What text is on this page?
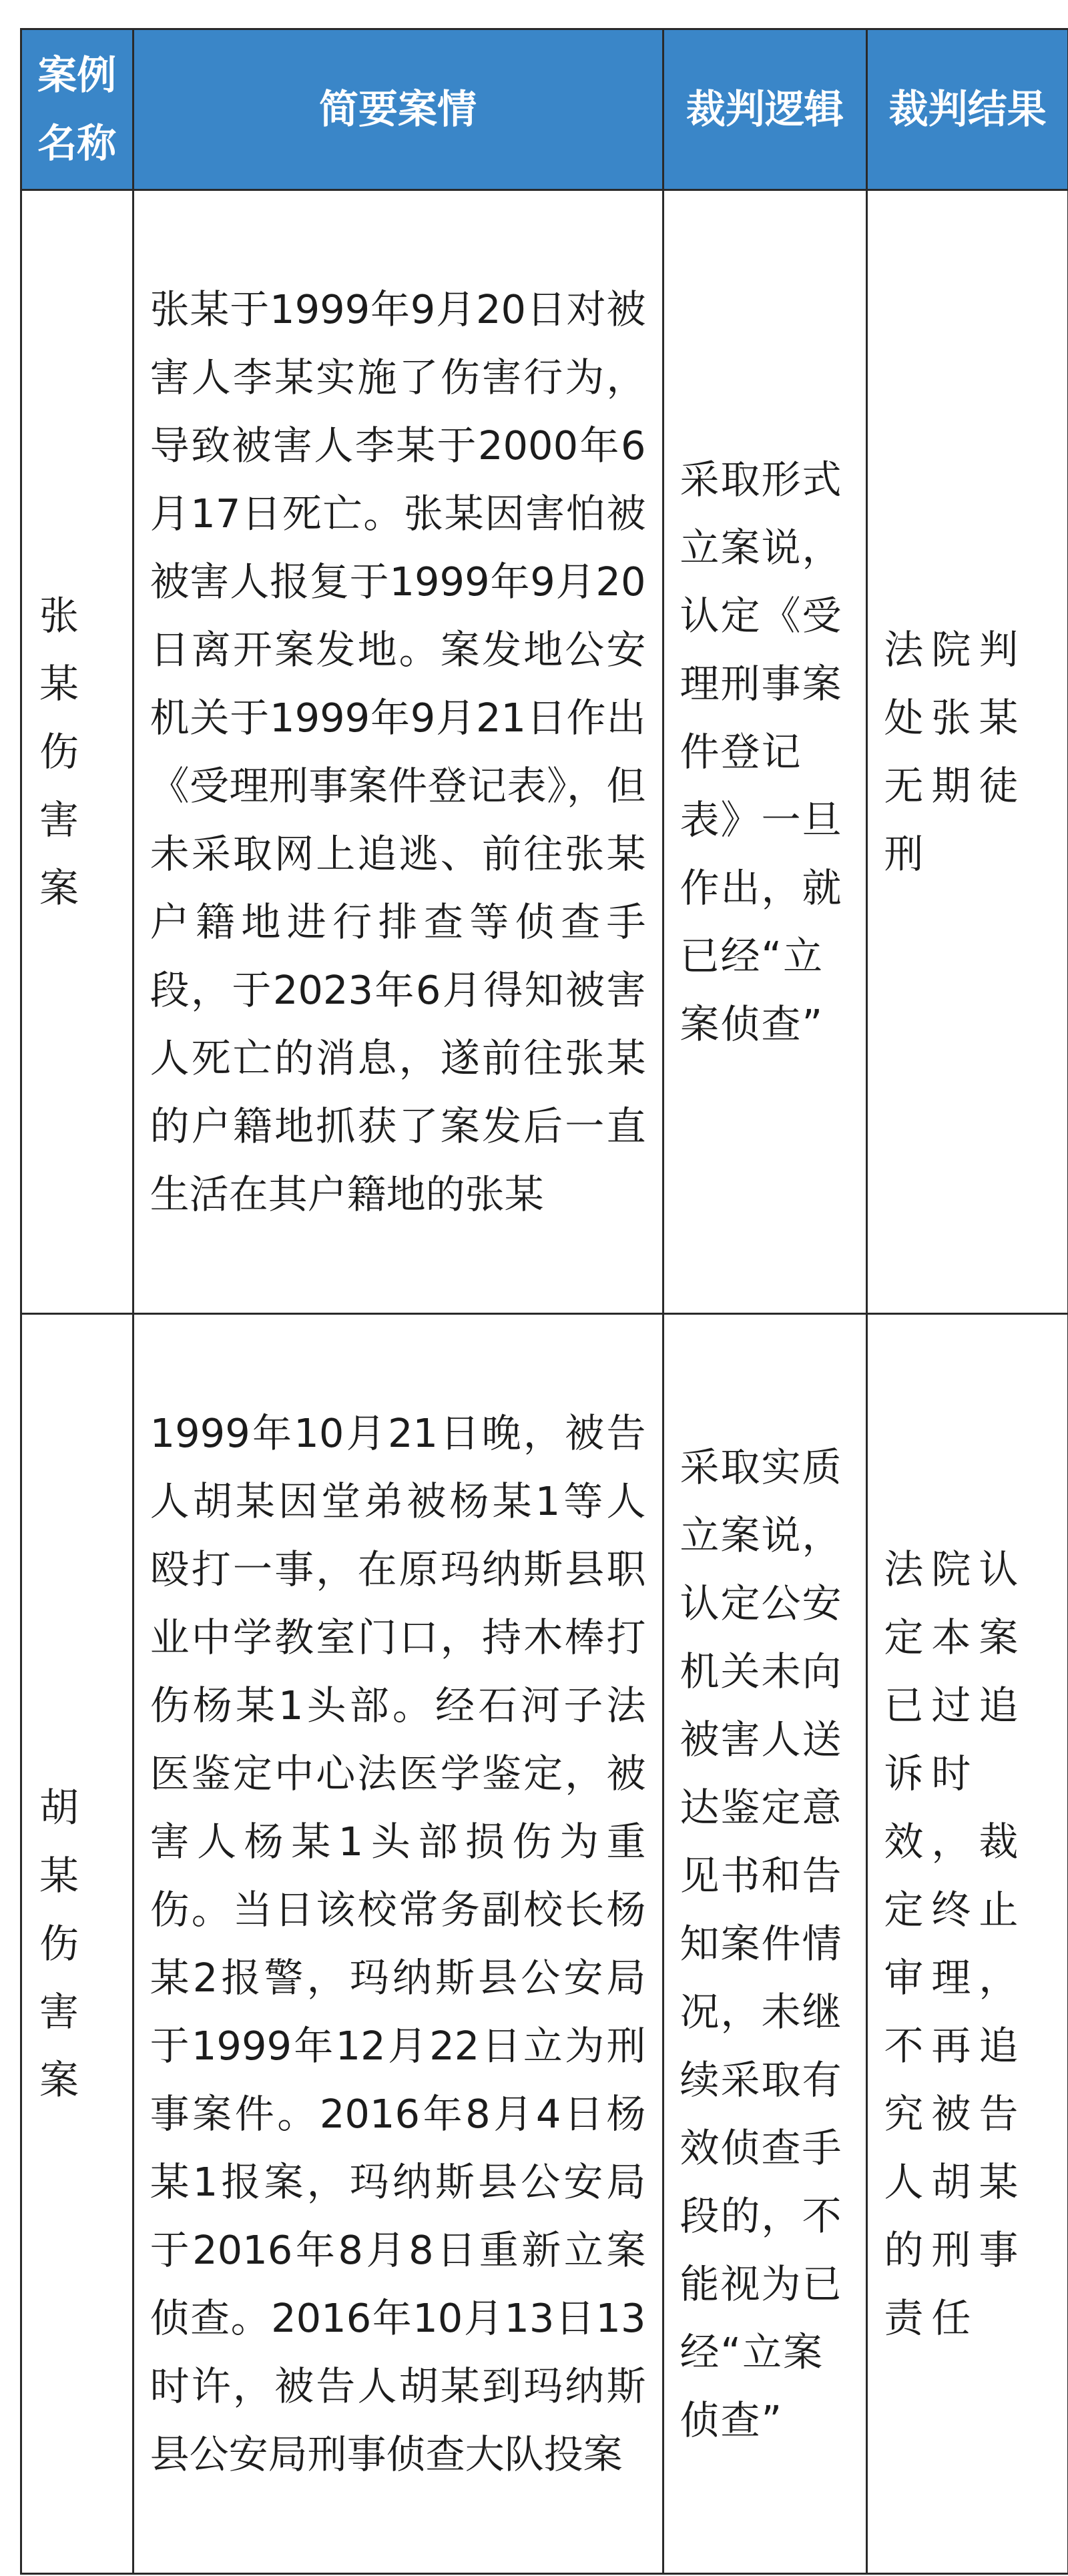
案例名称	简要案情	裁判逻辑	裁判结果
张某伤害案	张某于1999年9月20日对被害人李某实施了伤害行为，导致被害人李某于2000年6月17日死亡。张某因害怕被被害人报复于1999年9月20日离开案发地。案发地公安机关于1999年9月21日作出《受理刑事案件登记表》，但未采取网上追逃、前往张某户籍地进行排查等侦查手段，于2023年6月得知被害人死亡的消息，遂前往张某的户籍地抓获了案发后一直生活在其户籍地的张某	采取形式立案说，认定《受理刑事案件登记表》一旦作出，就已经“立案侦查”	法院判处张某无期徒刑
胡某伤害案	1999年10月21日晚，被告人胡某因堂弟被杨某1等人殴打一事，在原玛纳斯县职业中学教室门口，持木棒打伤杨某1头部。经石河子法医鉴定中心法医学鉴定，被害人杨某1头部损伤为重伤。当日该校常务副校长杨某2报警，玛纳斯县公安局于1999年12月22日立为刑事案件。2016年8月4日杨某1报案，玛纳斯县公安局于2016年8月8日重新立案侦查。2016年10月13日13时许，被告人胡某到玛纳斯县公安局刑事侦查大队投案	采取实质立案说，认定公安机关未向被害人送达鉴定意见书和告知案件情况，未继续采取有效侦查手段的，不能视为已经“立案侦查”	法院认定本案已过追诉时效，裁定终止审理，不再追究被告人胡某的刑事责任
